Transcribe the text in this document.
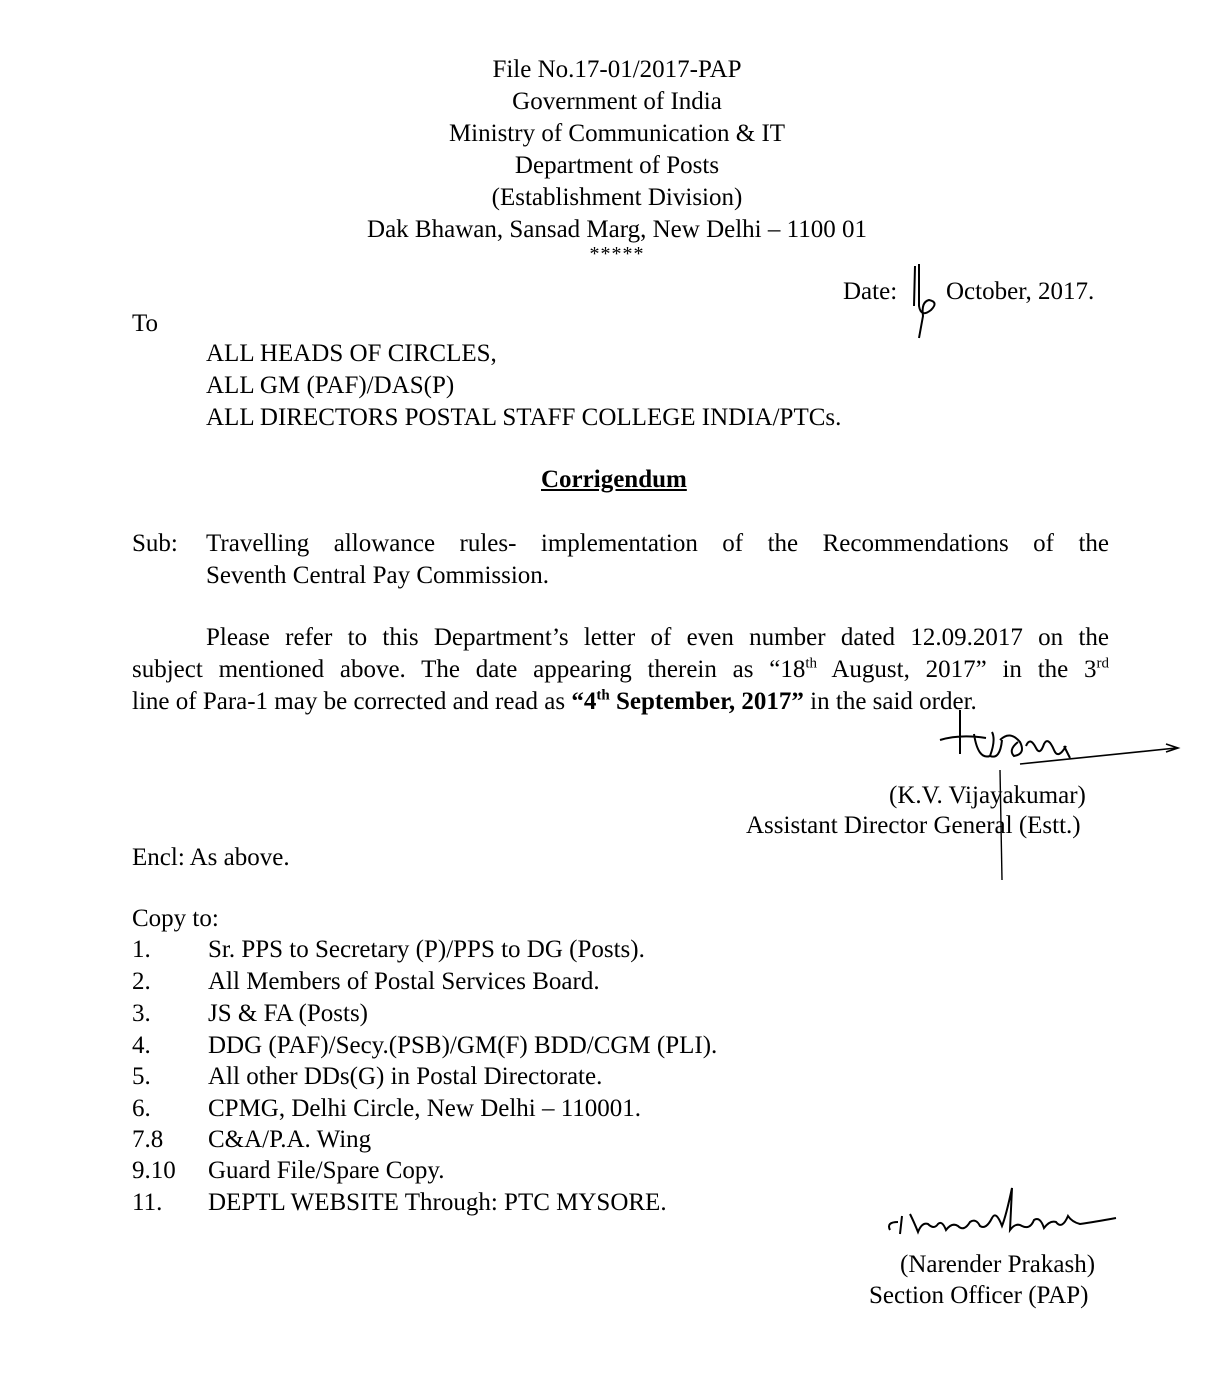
File No.17-01/2017-PAP
Government of India
Ministry of Communication & IT
Department of Posts
(Establishment Division)
Dak Bhawan, Sansad Marg, New Delhi – 1100 01
*****
Date: October, 2017.
To
ALL HEADS OF CIRCLES,
ALL GM (PAF)/DAS(P)
ALL DIRECTORS POSTAL STAFF COLLEGE INDIA/PTCs.
Corrigendum
Sub: Travelling allowance rules- implementation of the Recommendations of the
Seventh Central Pay Commission.
Please refer to this Department’s letter of even number dated 12.09.2017 on the
subject mentioned above. The date appearing therein as “18th August, 2017” in the 3rd
line of Para-1 may be corrected and read as “4th September, 2017” in the said order.
(K.V. Vijayakumar)
Assistant Director General (Estt.)
Encl: As above.
Copy to:
1.	Sr. PPS to Secretary (P)/PPS to DG (Posts).
2.	All Members of Postal Services Board.
3.	JS & FA (Posts)
4.	DDG (PAF)/Secy.(PSB)/GM(F) BDD/CGM (PLI).
5.	All other DDs(G) in Postal Directorate.
6.	CPMG, Delhi Circle, New Delhi – 110001.
7.8	C&A/P.A. Wing
9.10	Guard File/Spare Copy.
11.	DEPTL WEBSITE Through: PTC MYSORE.
(Narender Prakash)
Section Officer (PAP)
